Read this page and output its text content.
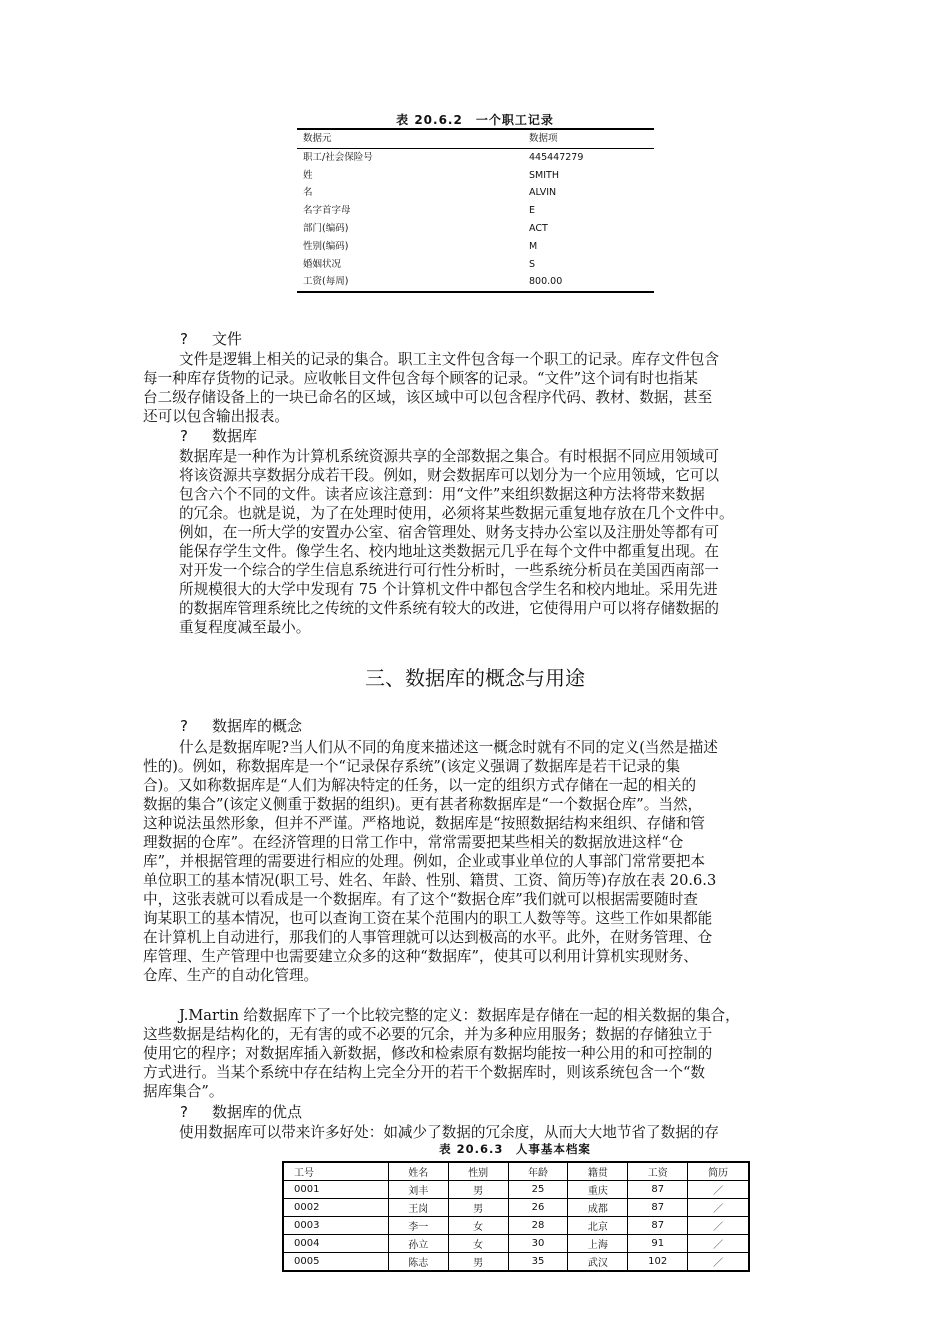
表 20.6.2　一个职工记录
数据元	数据项
职工/社会保险号	445447279
姓	SMITH
名	ALVIN
名字首字母	E
部门(编码)	ACT
性别(编码)	M
婚姻状况	S
工资(每周)	800.00
? 文件
文件是逻辑上相关的记录的集合。职工主文件包含每一个职工的记录。库存文件包含
每一种库存货物的记录。应收帐目文件包含每个顾客的记录。“文件”这个词有时也指某
台二级存储设备上的一块已命名的区域，该区域中可以包含程序代码、教材、数据，甚至
还可以包含输出报表。
? 数据库
数据库是一种作为计算机系统资源共享的全部数据之集合。有时根据不同应用领域可
将该资源共享数据分成若干段。例如，财会数据库可以划分为一个应用领域，它可以
包含六个不同的文件。读者应该注意到：用“文件”来组织数据这种方法将带来数据
的冗余。也就是说，为了在处理时使用，必须将某些数据元重复地存放在几个文件中。
例如，在一所大学的安置办公室、宿舍管理处、财务支持办公室以及注册处等都有可
能保存学生文件。像学生名、校内地址这类数据元几乎在每个文件中都重复出现。在
对开发一个综合的学生信息系统进行可行性分析时，一些系统分析员在美国西南部一
所规模很大的大学中发现有 75 个计算机文件中都包含学生名和校内地址。采用先进
的数据库管理系统比之传统的文件系统有较大的改进，它使得用户可以将存储数据的
重复程度减至最小。
三、数据库的概念与用途
? 数据库的概念
什么是数据库呢?当人们从不同的角度来描述这一概念时就有不同的定义(当然是描述
性的)。例如，称数据库是一个“记录保存系统”(该定义强调了数据库是若干记录的集
合)。又如称数据库是“人们为解决特定的任务，以一定的组织方式存储在一起的相关的
数据的集合”(该定义侧重于数据的组织)。更有甚者称数据库是“一个数据仓库”。当然，
这种说法虽然形象，但并不严谨。严格地说，数据库是“按照数据结构来组织、存储和管
理数据的仓库”。在经济管理的日常工作中，常常需要把某些相关的数据放进这样“仓
库”，并根据管理的需要进行相应的处理。例如，企业或事业单位的人事部门常常要把本
单位职工的基本情况(职工号、姓名、年龄、性别、籍贯、工资、简历等)存放在表 20.6.3
中，这张表就可以看成是一个数据库。有了这个“数据仓库”我们就可以根据需要随时查
询某职工的基本情况，也可以查询工资在某个范围内的职工人数等等。这些工作如果都能
在计算机上自动进行，那我们的人事管理就可以达到极高的水平。此外，在财务管理、仓
库管理、生产管理中也需要建立众多的这种“数据库”，使其可以利用计算机实现财务、
仓库、生产的自动化管理。
J.Martin 给数据库下了一个比较完整的定义：数据库是存储在一起的相关数据的集合，
这些数据是结构化的，无有害的或不必要的冗余，并为多种应用服务；数据的存储独立于
使用它的程序；对数据库插入新数据，修改和检索原有数据均能按一种公用的和可控制的
方式进行。当某个系统中存在结构上完全分开的若干个数据库时，则该系统包含一个“数
据库集合”。
? 数据库的优点
使用数据库可以带来许多好处：如减少了数据的冗余度，从而大大地节省了数据的存
表 20.6.3　人事基本档案
工号	姓名	性别	年龄	籍贯	工资	简历
0001	刘丰	男	25	重庆	87	／
0002	王岗	男	26	成都	87	／
0003	李一	女	28	北京	87	／
0004	孙立	女	30	上海	91	／
0005	陈志	男	35	武汉	102	／
